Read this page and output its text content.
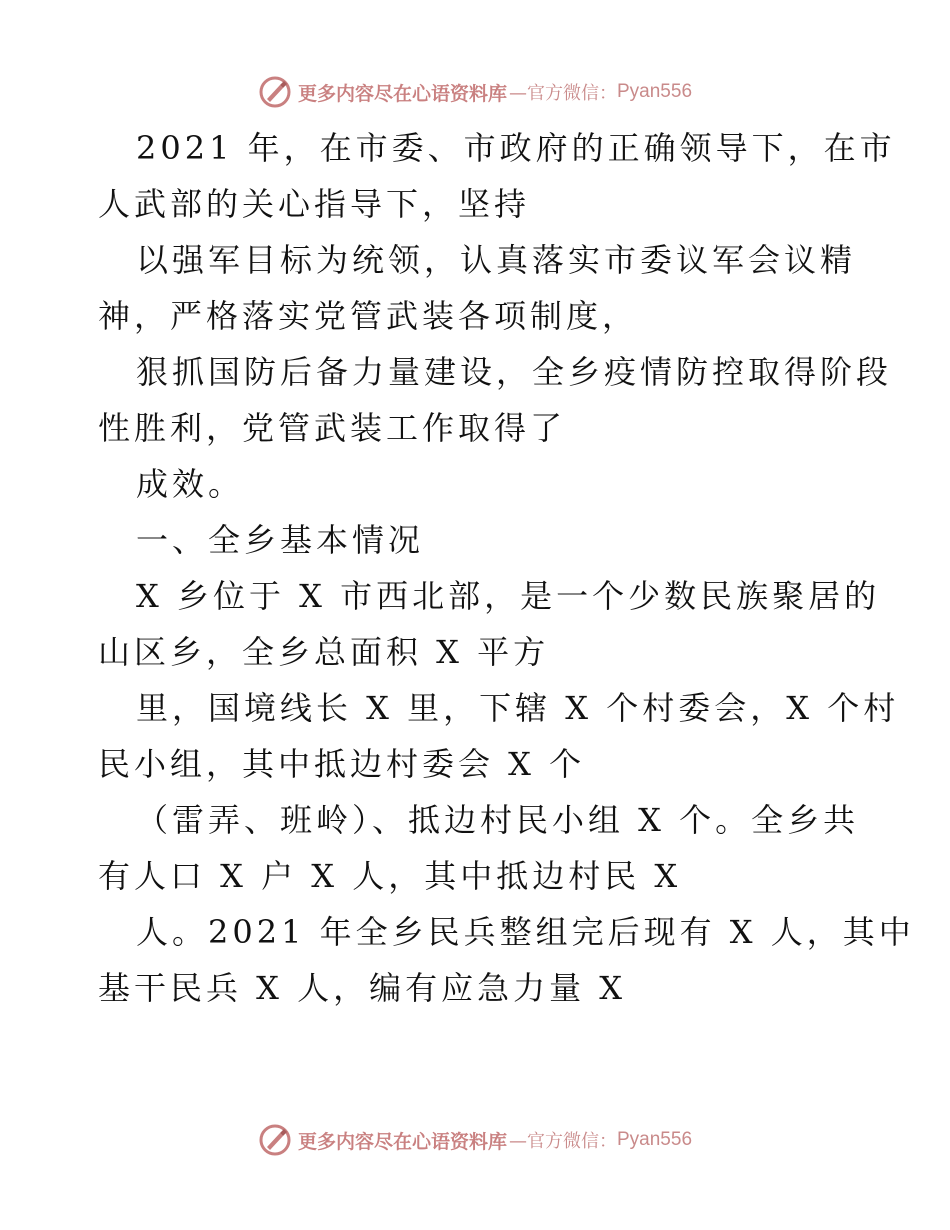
更多内容尽在心语资料库 —官方微信： Pyan556
2021 年，在市委、市政府的正确领导下，在市
人武部的关心指导下，坚持
以强军目标为统领，认真落实市委议军会议精
神，严格落实党管武装各项制度，
狠抓国防后备力量建设，全乡疫情防控取得阶段
性胜利，党管武装工作取得了
成效。
一、全乡基本情况
X 乡位于 X 市西北部，是一个少数民族聚居的
山区乡，全乡总面积 X 平方
里，国境线长 X 里，下辖 X 个村委会，X 个村
民小组，其中抵边村委会 X 个
（雷弄、班岭）、抵边村民小组 X 个。全乡共
有人口 X 户 X 人，其中抵边村民 X
人。2021 年全乡民兵整组完后现有 X 人，其中
基干民兵 X 人，编有应急力量 X
更多内容尽在心语资料库 —官方微信： Pyan556
